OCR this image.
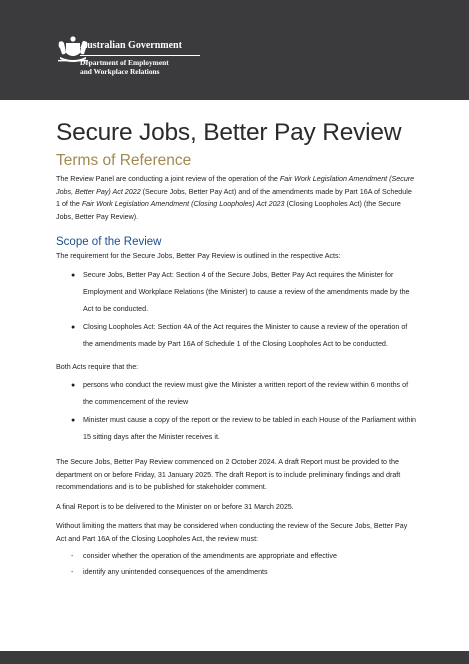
Australian Government
Department of Employment
and Workplace Relations
Secure Jobs, Better Pay Review
Terms of Reference

The Review Panel are conducting a joint review of the operation of the Fair Work Legislation Amendment (Secure Jobs, Better Pay) Act 2022 (Secure Jobs, Better Pay Act) and of the amendments made by Part 16A of Schedule 1 of the Fair Work Legislation Amendment (Closing Loopholes) Act 2023 (Closing Loopholes Act) (the Secure Jobs, Better Pay Review).

Scope of the Review

The requirement for the Secure Jobs, Better Pay Review is outlined in the respective Acts:

● Secure Jobs, Better Pay Act: Section 4 of the Secure Jobs, Better Pay Act requires the Minister for Employment and Workplace Relations (the Minister) to cause a review of the amendments made by the Act to be conducted.
● Closing Loopholes Act: Section 4A of the Act requires the Minister to cause a review of the operation of the amendments made by Part 16A of Schedule 1 of the Closing Loopholes Act to be conducted.

Both Acts require that the:

● persons who conduct the review must give the Minister a written report of the review within 6 months of the commencement of the review
● Minister must cause a copy of the report or the review to be tabled in each House of the Parliament within 15 sitting days after the Minister receives it.

The Secure Jobs, Better Pay Review commenced on 2 October 2024. A draft Report must be provided to the department on or before Friday, 31 January 2025. The draft Report is to include preliminary findings and draft recommendations and is to be published for stakeholder comment.

A final Report is to be delivered to the Minister on or before 31 March 2025.

Without limiting the matters that may be considered when conducting the review of the Secure Jobs, Better Pay Act and Part 16A of the Closing Loopholes Act, the review must:

- consider whether the operation of the amendments are appropriate and effective
- identify any unintended consequences of the amendments
